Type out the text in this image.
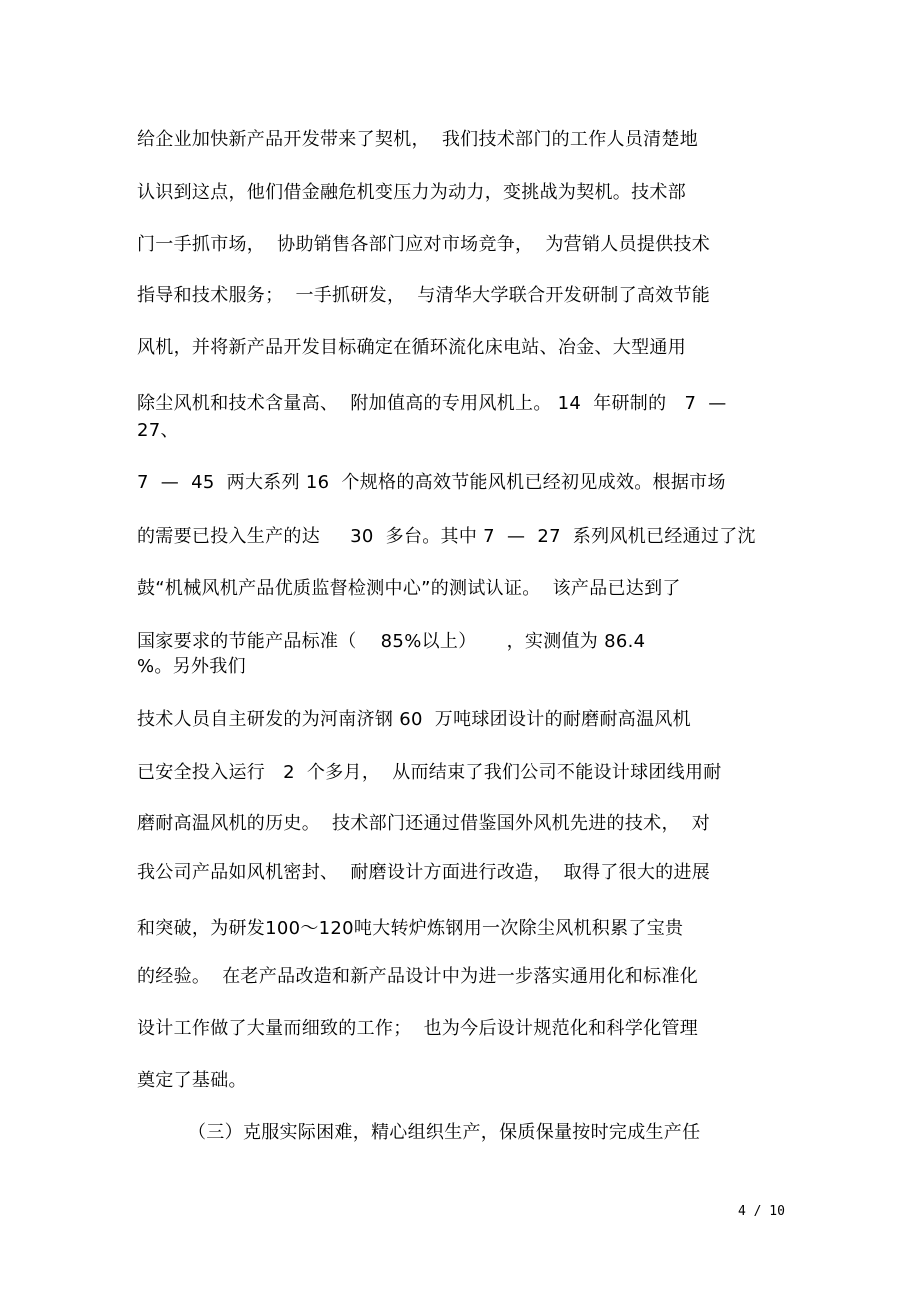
给企业加快新产品开发带来了契机，  我们技术部门的工作人员清楚地
认识到这点，他们借金融危机变压力为动力，变挑战为契机。技术部
门一手抓市场，  协助销售各部门应对市场竞争，  为营销人员提供技术
指导和技术服务；  一手抓研发，  与清华大学联合开发研制了高效节能
风机，并将新产品开发目标确定在循环流化床电站、冶金、大型通用
除尘风机和技术含量高、  附加值高的专用风机上。 14  年研制的   7  —
27、
7  —  45  两大系列 16  个规格的高效节能风机已经初见成效。根据市场
的需要已投入生产的达     30  多台。其中 7  —  27  系列风机已经通过了沈
鼓“机械风机产品优质监督检测中心”的测试认证。  该产品已达到了
国家要求的节能产品标准（    85%以上）     ，实测值为 86.4
%。另外我们
技术人员自主研发的为河南济钢 60  万吨球团设计的耐磨耐高温风机
已安全投入运行   2  个多月，  从而结束了我们公司不能设计球团线用耐
磨耐高温风机的历史。  技术部门还通过借鉴国外风机先进的技术，  对
我公司产品如风机密封、  耐磨设计方面进行改造，  取得了很大的进展
和突破，为研发100～120吨大转炉炼钢用一次除尘风机积累了宝贵
的经验。  在老产品改造和新产品设计中为进一步落实通用化和标准化
设计工作做了大量而细致的工作；  也为今后设计规范化和科学化管理
奠定了基础。
（三）克服实际困难，精心组织生产，保质保量按时完成生产任
4 / 10
